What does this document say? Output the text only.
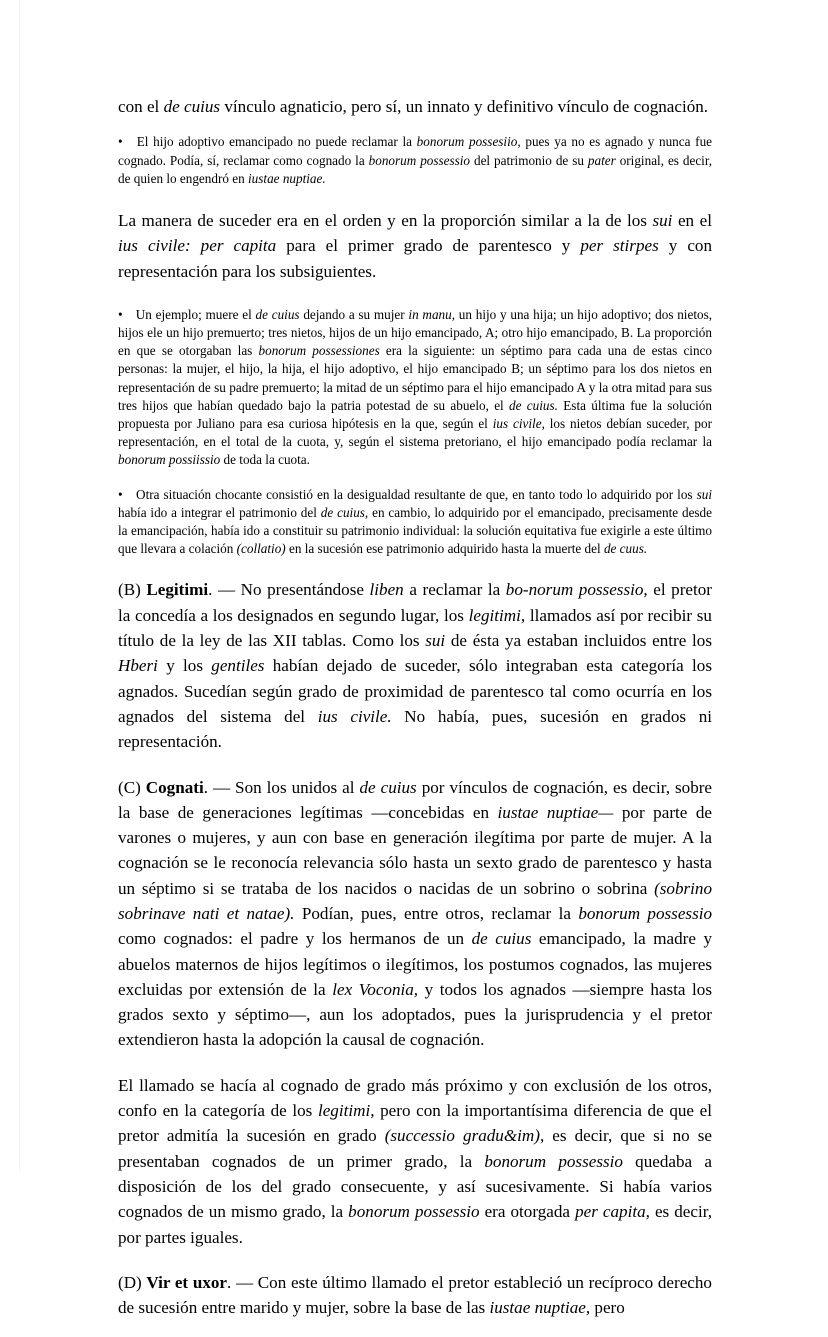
con el de cuius vínculo agnaticio, pero sí, un innato y definitivo vínculo de cognación.

• El hijo adoptivo emancipado no puede reclamar la bonorum possesiio, pues ya no es agnado y nunca fue cognado. Podía, sí, reclamar como cognado la bonorum possessio del patrimonio de su pater original, es decir, de quien lo engendró en iustae nuptiae.

La manera de suceder era en el orden y en la proporción similar a la de los sui en el ius civile: per capita para el primer grado de parentesco y per stirpes y con representación para los subsiguientes.

• Un ejemplo; muere el de cuius dejando a su mujer in manu, un hijo y una hija; un hijo adoptivo; dos nietos, hijos ele un hijo premuerto; tres nietos, hijos de un hijo emancipado, A; otro hijo emancipado, B. La proporción en que se otorgaban las bonorum possessiones era la siguiente: un séptimo para cada una de estas cinco personas: la mujer, el hijo, la hija, el hijo adoptivo, el hijo emancipado B; un séptimo para los dos nietos en representación de su padre premuerto; la mitad de un séptimo para el hijo emancipado A y la otra mitad para sus tres hijos que habían quedado bajo la patria potestad de su abuelo, el de cuius. Esta última fue la solución propuesta por Juliano para esa curiosa hipótesis en la que, según el ius civile, los nietos debían suceder, por representación, en el total de la cuota, y, según el sistema pretoriano, el hijo emancipado podía reclamar la bonorum possiissio de toda la cuota.

• Otra situación chocante consistió en la desigualdad resultante de que, en tanto todo lo adquirido por los sui había ido a integrar el patrimonio del de cuius, en cambio, lo adquirido por el emancipado, precisamente desde la emancipación, había ido a constituir su patrimonio individual: la solución equitativa fue exigirle a este último que llevara a colación (collatio) en la sucesión ese patrimonio adquirido hasta la muerte del de cuus.

(B) Legitimi. — No presentándose liben a reclamar la bo-norum possessio, el pretor la concedía a los designados en segundo lugar, los legitimi, llamados así por recibir su título de la ley de las XII tablas. Como los sui de ésta ya estaban incluidos entre los Hberi y los gentiles habían dejado de suceder, sólo integraban esta categoría los agnados. Sucedían según grado de proximidad de parentesco tal como ocurría en los agnados del sistema del ius civile. No había, pues, sucesión en grados ni representación.

(C) Cognati. — Son los unidos al de cuius por vínculos de cognación, es decir, sobre la base de generaciones legítimas —concebidas en iustae nuptiae— por parte de varones o mujeres, y aun con base en generación ilegítima por parte de mujer. A la cognación se le reconocía relevancia sólo hasta un sexto grado de parentesco y hasta un séptimo si se trataba de los nacidos o nacidas de un sobrino o sobrina (sobrino sobrinave nati et natae). Podían, pues, entre otros, reclamar la bonorum possessio como cognados: el padre y los hermanos de un de cuius emancipado, la madre y abuelos maternos de hijos legítimos o ilegítimos, los postumos cognados, las mujeres excluidas por extensión de la lex Voconia, y todos los agnados —siempre hasta los grados sexto y séptimo—, aun los adoptados, pues la jurisprudencia y el pretor extendieron hasta la adopción la causal de cognación.

El llamado se hacía al cognado de grado más próximo y con exclusión de los otros, confo en la categoría de los legitimi, pero con la importantísima diferencia de que el pretor admitía la sucesión en grado (successio gradu&im), es decir, que si no se presentaban cognados de un primer grado, la bonorum possessio quedaba a disposición de los del grado consecuente, y así sucesivamente. Si había varios cognados de un mismo grado, la bonorum possessio era otorgada per capita, es decir, por partes iguales.

(D) Vir et uxor. — Con este último llamado el pretor estableció un recíproco derecho de sucesión entre marido y mujer, sobre la base de las iustae nuptiae, pero
